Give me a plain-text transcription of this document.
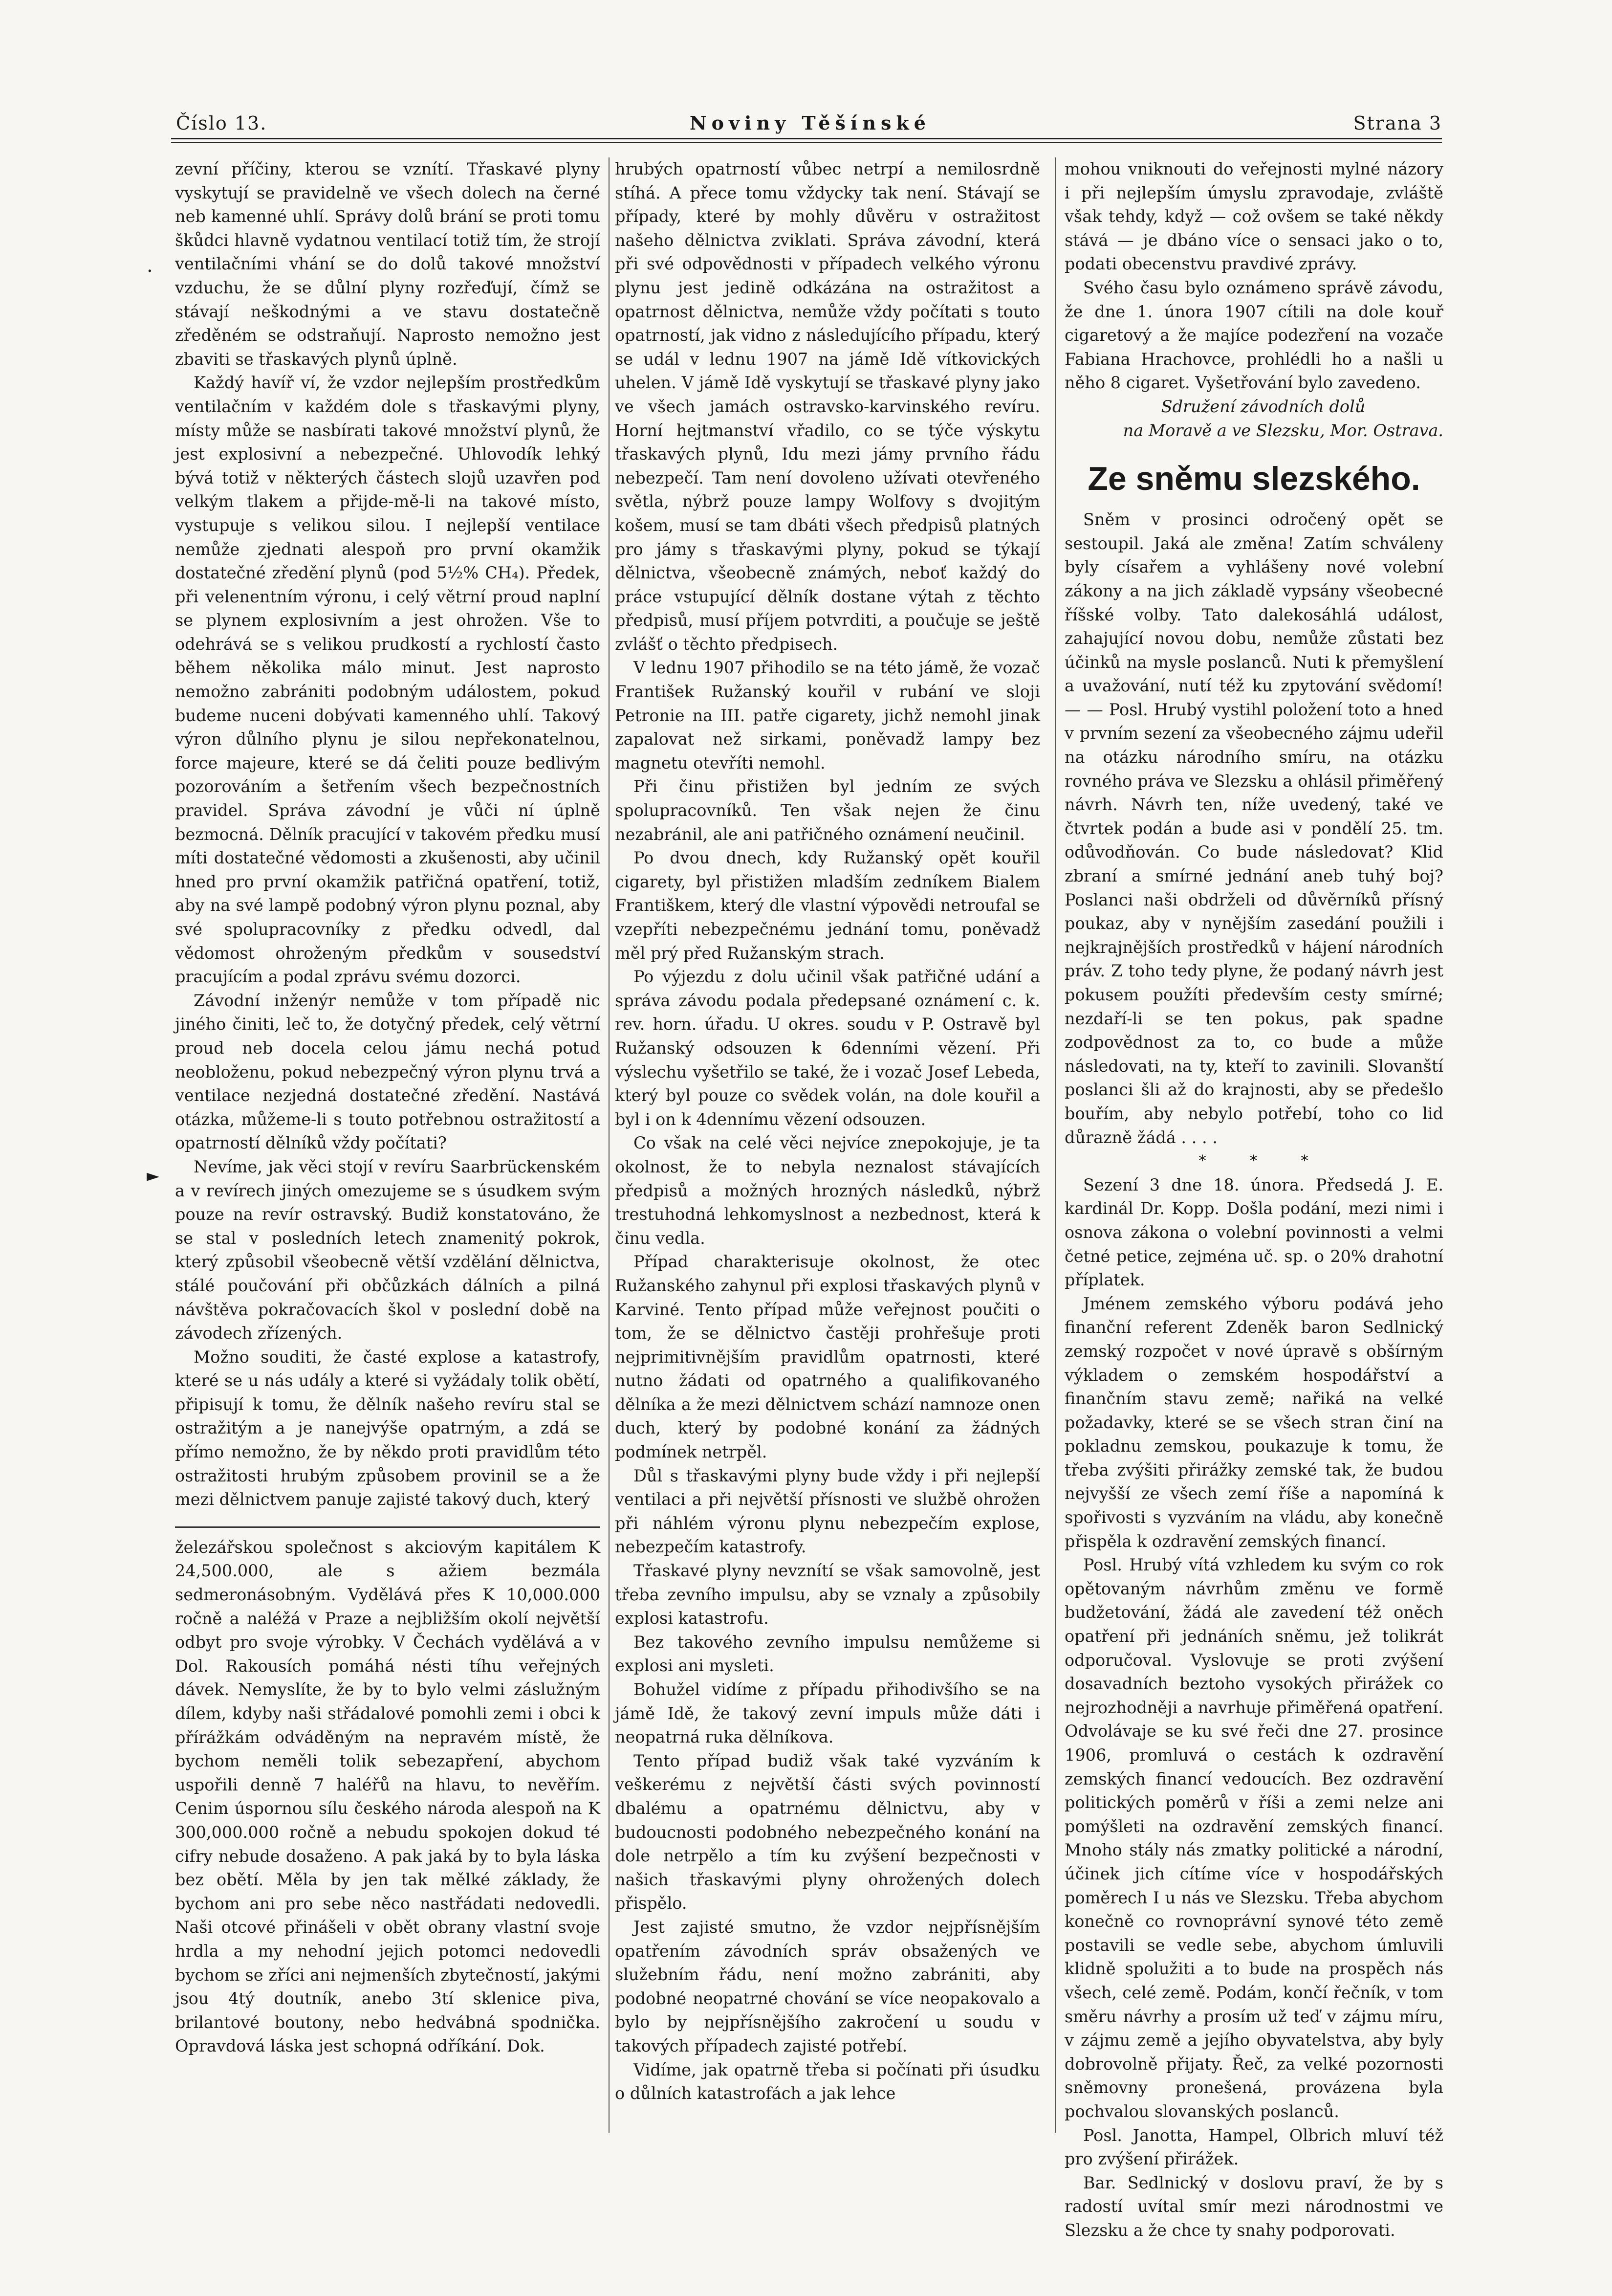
Číslo 13.	Noviny Těšínské	Strana 3
.
►

zevní příčiny, kterou se vznítí. Třaskavé plyny vyskytují se pravidelně ve všech dolech na černé neb kamenné uhlí. Správy dolů brání se proti tomu škůdci hlavně vydatnou ventilací totiž tím, že strojí ventilačními vhání se do dolů takové množství vzduchu, že se důlní plyny rozřeďují, čímž se stávají neškodnými a ve stavu dostatečně zředěném se odstraňují. Naprosto nemožno jest zbaviti se třaskavých plynů úplně.

Každý havíř ví, že vzdor nejlepším prostředkům ventilačním v každém dole s třaskavými plyny, místy může se nasbírati takové množství plynů, že jest explosivní a nebezpečné. Uhlovodík lehký bývá totiž v některých částech slojů uzavřen pod velkým tlakem a přijde-mě-li na takové místo, vystupuje s velikou silou. I nejlepší ventilace nemůže zjednati alespoň pro první okamžik dostatečné zředění plynů (pod 5½% CH₄). Předek, při velenentním výronu, i celý větrní proud naplní se plynem explosivním a jest ohrožen. Vše to odehrává se s velikou prudkostí a rychlostí často během několika málo minut. Jest naprosto nemožno zabrániti podobným událostem, pokud budeme nuceni dobývati kamenného uhlí. Takový výron důlního plynu je silou nepřekonatelnou, force majeure, které se dá čeliti pouze bedlivým pozorováním a šetřením všech bezpečnostních pravidel. Správa závodní je vůči ní úplně bezmocná. Dělník pracující v takovém předku musí míti dostatečné vědomosti a zkušenosti, aby učinil hned pro první okamžik patřičná opatření, totiž, aby na své lampě podobný výron plynu poznal, aby své spolupracovníky z předku odvedl, dal vědomost ohroženým předkům v sousedství pracujícím a podal zprávu svému dozorci.

Závodní inženýr nemůže v tom případě nic jiného činiti, leč to, že dotyčný předek, celý větrní proud neb docela celou jámu nechá potud neobloženu, pokud nebezpečný výron plynu trvá a ventilace nezjedná dostatečné zředění. Nastává otázka, můžeme-li s touto potřebnou ostražitostí a opatrností dělníků vždy počítati?

Nevíme, jak věci stojí v revíru Saarbrückenském a v revírech jiných omezujeme se s úsudkem svým pouze na revír ostravský. Budiž konstatováno, že se stal v posledních letech znamenitý pokrok, který způsobil všeobecně větší vzdělání dělnictva, stálé poučování při občůzkách dálních a pilná návštěva pokračovacích škol v poslední době na závodech zřízených.

Možno souditi, že časté explose a katastrofy, které se u nás udály a které si vyžádaly tolik obětí, připisují k tomu, že dělník našeho revíru stal se ostražitým a je nanejvýše opatrným, a zdá se přímo nemožno, že by někdo proti pravidlům této ostražitosti hrubým způsobem provinil se a že mezi dělnictvem panuje zajisté takový duch, který

železářskou společnost s akciovým kapitálem K 24,500.000, ale s ažiem bezmála sedmeronásobným. Vydělává přes K 10,000.000 ročně a naléžá v Praze a nejbližším okolí největší odbyt pro svoje výrobky. V Čechách vydělává a v Dol. Rakousích pomáhá nésti tíhu veřejných dávek. Nemyslíte, že by to bylo velmi záslužným dílem, kdyby naši střádalové pomohli zemi i obci k přírážkám odváděným na nepravém místě, že bychom neměli tolik sebezapření, abychom uspořili denně 7 haléřů na hlavu, to nevěřím. Cenim úspornou sílu českého národa alespoň na K 300,000.000 ročně a nebudu spokojen dokud té cifry nebude dosaženo. A pak jaká by to byla láska bez obětí. Měla by jen tak mělké základy, že bychom ani pro sebe něco nastřádati nedovedli. Naši otcové přinášeli v obět obrany vlastní svoje hrdla a my nehodní jejich potomci nedovedli bychom se zříci ani nejmenších zbytečností, jakými jsou 4tý doutník, anebo 3tí sklenice piva, brilantové boutony, nebo hedvábná spodnička. Opravdová láska jest schopná odříkání. Dok.

hrubých opatrností vůbec netrpí a nemilosrdně stíhá. A přece tomu vždycky tak není. Stávají se případy, které by mohly důvěru v ostražitost našeho dělnictva zviklati. Správa závodní, která při své odpovědnosti v případech velkého výronu plynu jest jedině odkázána na ostražitost a opatrnost dělnictva, nemůže vždy počítati s touto opatrností, jak vidno z následujícího případu, který se udál v lednu 1907 na jámě Idě vítkovických uhelen. V jámě Idě vyskytují se třaskavé plyny jako ve všech jamách ostravsko-karvinského revíru. Horní hejtmanství vřadilo, co se týče výskytu třaskavých plynů, Idu mezi jámy prvního řádu nebezpečí. Tam není dovoleno užívati otevřeného světla, nýbrž pouze lampy Wolfovy s dvojitým košem, musí se tam dbáti všech předpisů platných pro jámy s třaskavými plyny, pokud se týkají dělnictva, všeobecně známých, neboť každý do práce vstupující dělník dostane výtah z těchto předpisů, musí příjem potvrditi, a poučuje se ještě zvlášť o těchto předpisech.

V lednu 1907 přihodilo se na této jámě, že vozač František Ružanský kouřil v rubání ve sloji Petronie na III. patře cigarety, jichž nemohl jinak zapalovat než sirkami, poněvadž lampy bez magnetu otevříti nemohl.

Při činu přistižen byl jedním ze svých spolupracovníků. Ten však nejen že činu nezabránil, ale ani patřičného oznámení neučinil.

Po dvou dnech, kdy Ružanský opět kouřil cigarety, byl přistižen mladším zedníkem Bialem Františkem, který dle vlastní výpovědi netroufal se vzepříti nebezpečnému jednání tomu, poněvadž měl prý před Ružanským strach.

Po výjezdu z dolu učinil však patřičné udání a správa závodu podala předepsané oznámení c. k. rev. horn. úřadu. U okres. soudu v P. Ostravě byl Ružanský odsouzen k 6denními vězení. Při výslechu vyšetřilo se také, že i vozač Josef Lebeda, který byl pouze co svědek volán, na dole kouřil a byl i on k 4dennímu vězení odsouzen.

Co však na celé věci nejvíce znepokojuje, je ta okolnost, že to nebyla neznalost stávajících předpisů a možných hrozných následků, nýbrž trestuhodná lehkomyslnost a nezbednost, která k činu vedla.

Případ charakterisuje okolnost, že otec Ružanského zahynul při explosi třaskavých plynů v Karviné. Tento případ může veřejnost poučiti o tom, že se dělnictvo častěji prohřešuje proti nejprimitivnějším pravidlům opatrnosti, které nutno žádati od opatrného a qualifikovaného dělníka a že mezi dělnictvem schází namnoze onen duch, který by podobné konání za žádných podmínek netrpěl.

Důl s třaskavými plyny bude vždy i při nejlepší ventilaci a při největší přísnosti ve službě ohrožen při náhlém výronu plynu nebezpečím explose, nebezpečím katastrofy.

Třaskavé plyny nevznítí se však samovolně, jest třeba zevního impulsu, aby se vznaly a způsobily explosi katastrofu.

Bez takového zevního impulsu nemůžeme si explosi ani mysleti.

Bohužel vidíme z případu přihodivšího se na jámě Idě, že takový zevní impuls může dáti i neopatrná ruka dělníkova.

Tento případ budiž však také vyzváním k veškerému z největší části svých povinností dbalému a opatrnému dělnictvu, aby v budoucnosti podobného nebezpečného konání na dole netrpělo a tím ku zvýšení bezpečnosti v našich třaskavými plyny ohrožených dolech přispělo.

Jest zajisté smutno, že vzdor nejpřísnějším opatřením závodních správ obsažených ve služebním řádu, není možno zabrániti, aby podobné neopatrné chování se více neopakovalo a bylo by nejpřísnějšího zakročení u soudu v takových případech zajisté potřebí.

Vidíme, jak opatrně třeba si počínati při úsudku o důlních katastrofách a jak lehce

mohou vniknouti do veřejnosti mylné názory i při nejlepším úmyslu zpravodaje, zvláště však tehdy, když — což ovšem se také někdy stává — je dbáno více o sensaci jako o to, podati obecenstvu pravdivé zprávy.

Svého času bylo oznámeno správě závodu, že dne 1. února 1907 cítili na dole kouř cigaretový a že majíce podezření na vozače Fabiana Hrachovce, prohlédli ho a našli u něho 8 cigaret. Vyšetřování bylo zavedeno.

Sdružení závodních dolů

na Moravě a ve Slezsku, Mor. Ostrava.

Ze sněmu slezského.

Sněm v prosinci odročený opět se sestoupil. Jaká ale změna! Zatím schváleny byly císařem a vyhlášeny nové volební zákony a na jich základě vypsány všeobecné říšské volby. Tato dalekosáhlá událost, zahajující novou dobu, nemůže zůstati bez účinků na mysle poslanců. Nuti k přemyšlení a uvažování, nutí též ku zpytování svědomí! — — Posl. Hrubý vystihl položení toto a hned v prvním sezení za všeobecného zájmu udeřil na otázku národního smíru, na otázku rovného práva ve Slezsku a ohlásil přiměřený návrh. Návrh ten, níže uvedený, také ve čtvrtek podán a bude asi v pondělí 25. tm. odůvodňován. Co bude následovat? Klid zbraní a smírné jednání aneb tuhý boj? Poslanci naši obdrželi od důvěrníků přísný poukaz, aby v nynějším zasedání použili i nejkrajnějších prostředků v hájení národních práv. Z toho tedy plyne, že podaný návrh jest pokusem použíti především cesty smírné; nezdaří-li se ten pokus, pak spadne zodpovědnost za to, co bude a může následovati, na ty, kteří to zavinili. Slovanští poslanci šli až do krajnosti, aby se předešlo bouřím, aby nebylo potřebí, toho co lid důrazně žádá . . . .

* * *

Sezení 3 dne 18. února. Předsedá J. E. kardinál Dr. Kopp. Došla podání, mezi nimi i osnova zákona o volební povinnosti a velmi četné petice, zejména uč. sp. o 20% drahotní příplatek.

Jménem zemského výboru podává jeho finanční referent Zdeněk baron Sedlnický zemský rozpočet v nové úpravě s obšírným výkladem o zemském hospodářství a finančním stavu země; nařiká na velké požadavky, které se se všech stran činí na pokladnu zemskou, poukazuje k tomu, že třeba zvýšiti přirážky zemské tak, že budou nejvyšší ze všech zemí říše a napomíná k spořivosti s vyzváním na vládu, aby konečně přispěla k ozdravění zemských financí.

Posl. Hrubý vítá vzhledem ku svým co rok opětovaným návrhům změnu ve formě budžetování, žádá ale zavedení též oněch opatření při jednáních sněmu, jež tolikrát odporučoval. Vyslovuje se proti zvýšení dosavadních beztoho vysokých přirážek co nejrozhodněji a navrhuje přiměřená opatření. Odvolávaje se ku své řeči dne 27. prosince 1906, promluvá o cestách k ozdravění zemských financí vedoucích. Bez ozdravění politických poměrů v říši a zemi nelze ani pomýšleti na ozdravění zemských financí. Mnoho stály nás zmatky politické a národní, účinek jich cítíme více v hospodářských poměrech I u nás ve Slezsku. Třeba abychom konečně co rovnoprávní synové této země postavili se vedle sebe, abychom úmluvili klidně spolužiti a to bude na prospěch nás všech, celé země. Podám, končí řečník, v tom směru návrhy a prosím už teď v zájmu míru, v zájmu země a jejího obyvatelstva, aby byly dobrovolně přijaty. Řeč, za velké pozornosti sněmovny pronešená, provázena byla pochvalou slovanských poslanců.

Posl. Janotta, Hampel, Olbrich mluví též pro zvýšení přirážek.

Bar. Sedlnický v doslovu praví, že by s radostí uvítal smír mezi národnostmi ve Slezsku a že chce ty snahy podporovati.
